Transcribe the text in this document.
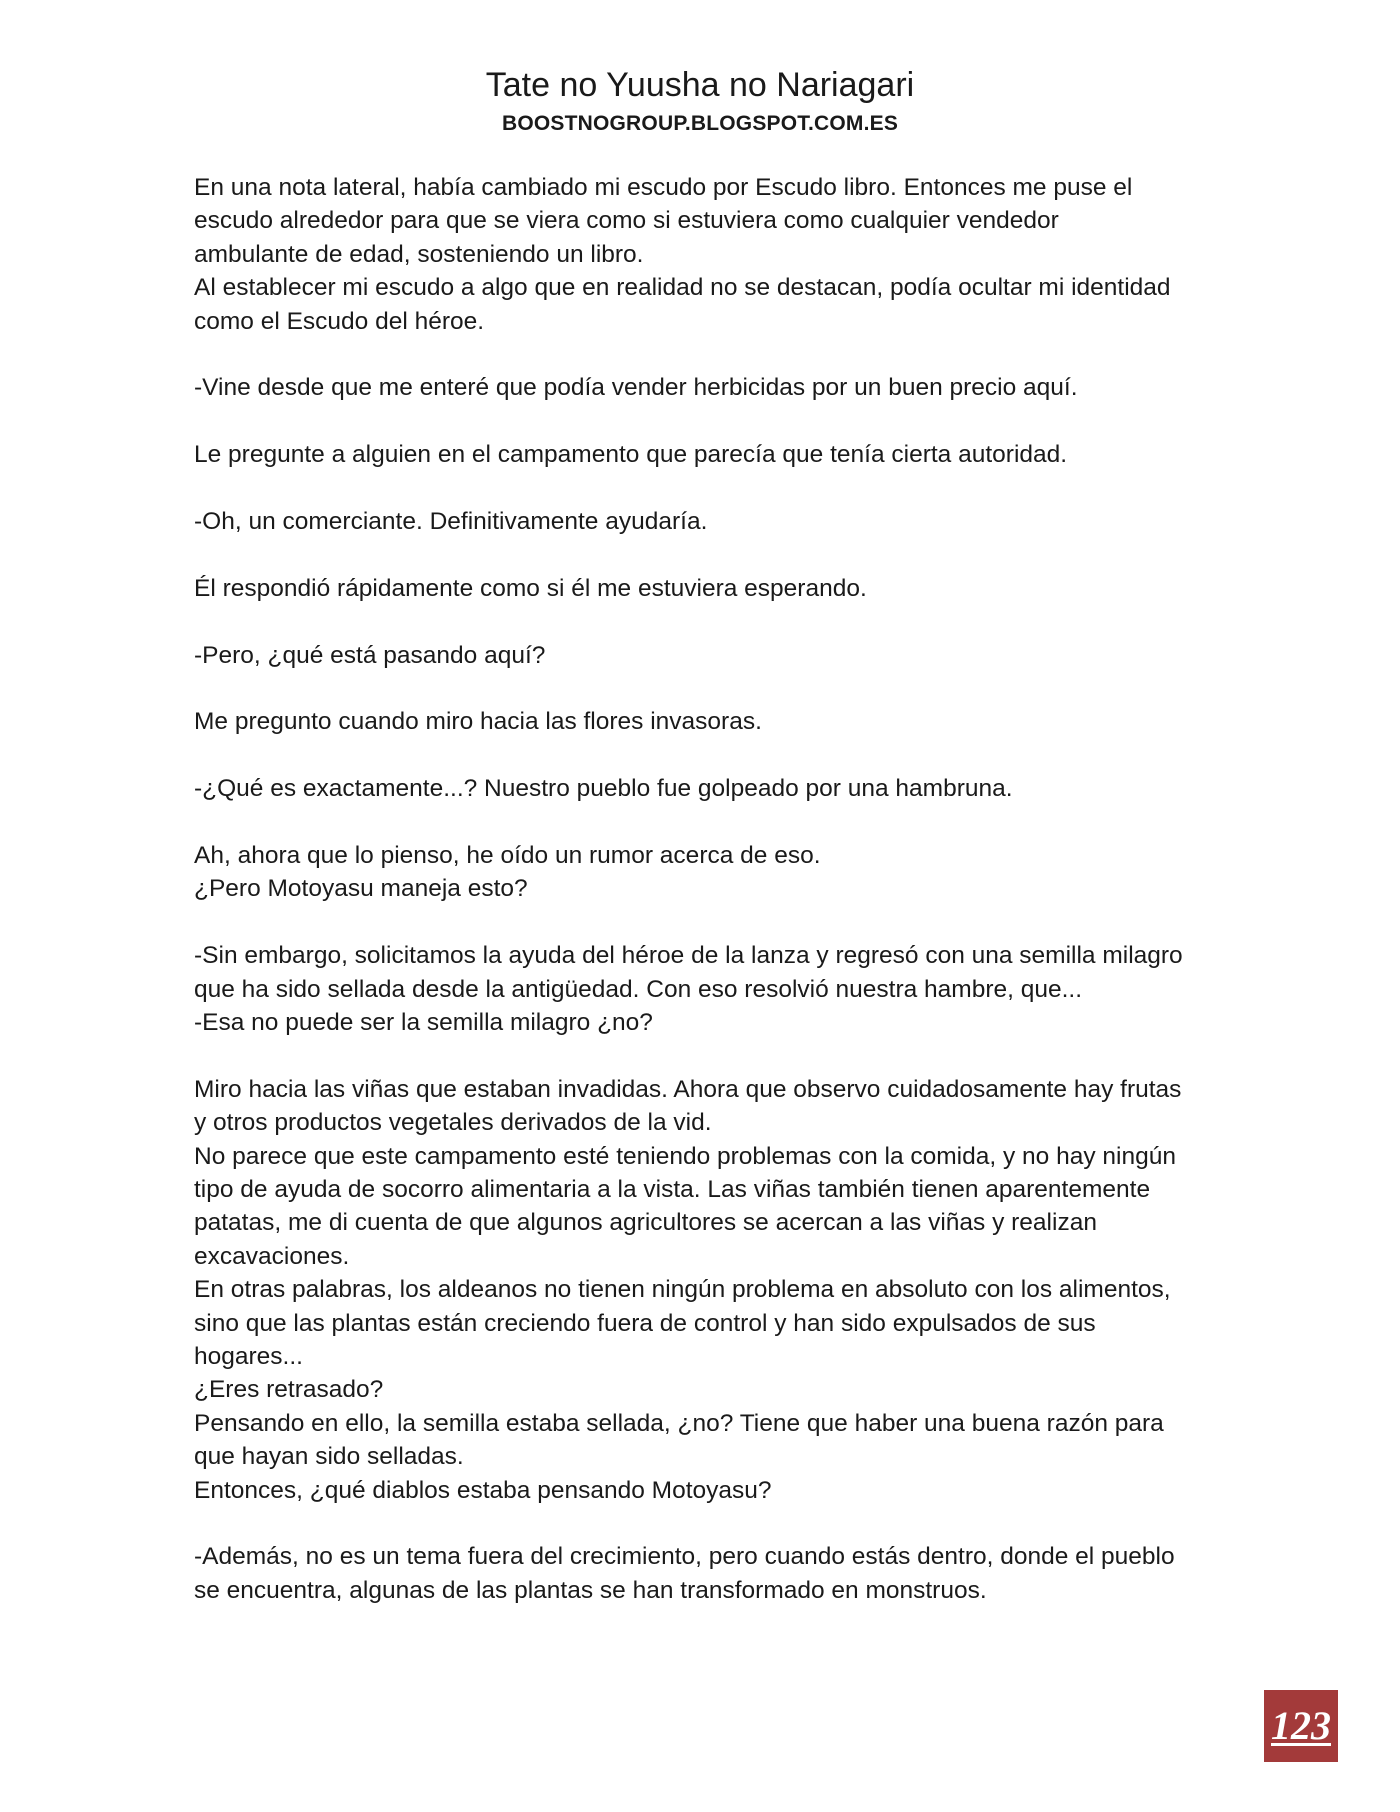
Tate no Yuusha no Nariagari
BOOSTNOGROUP.BLOGSPOT.COM.ES
En una nota lateral, había cambiado mi escudo por Escudo libro. Entonces me puse el
escudo alrededor para que se viera como si estuviera como cualquier vendedor
ambulante de edad, sosteniendo un libro.
Al establecer mi escudo a algo que en realidad no se destacan, podía ocultar mi identidad
como el Escudo del héroe.
-Vine desde que me enteré que podía vender herbicidas por un buen precio aquí.
Le pregunte a alguien en el campamento que parecía que tenía cierta autoridad.
-Oh, un comerciante. Definitivamente ayudaría.
Él respondió rápidamente como si él me estuviera esperando.
-Pero, ¿qué está pasando aquí?
Me pregunto cuando miro hacia las flores invasoras.
-¿Qué es exactamente...? Nuestro pueblo fue golpeado por una hambruna.
Ah, ahora que lo pienso, he oído un rumor acerca de eso.
¿Pero Motoyasu maneja esto?
-Sin embargo, solicitamos la ayuda del héroe de la lanza y regresó con una semilla milagro
que ha sido sellada desde la antigüedad. Con eso resolvió nuestra hambre, que...
-Esa no puede ser la semilla milagro ¿no?
Miro hacia las viñas que estaban invadidas. Ahora que observo cuidadosamente hay frutas
y otros productos vegetales derivados de la vid.
No parece que este campamento esté teniendo problemas con la comida, y no hay ningún
tipo de ayuda de socorro alimentaria a la vista. Las viñas también tienen aparentemente
patatas, me di cuenta de que algunos agricultores se acercan a las viñas y realizan
excavaciones.
En otras palabras, los aldeanos no tienen ningún problema en absoluto con los alimentos,
sino que las plantas están creciendo fuera de control y han sido expulsados de sus
hogares...
¿Eres retrasado?
Pensando en ello, la semilla estaba sellada, ¿no? Tiene que haber una buena razón para
que hayan sido selladas.
Entonces, ¿qué diablos estaba pensando Motoyasu?
-Además, no es un tema fuera del crecimiento, pero cuando estás dentro, donde el pueblo
se encuentra, algunas de las plantas se han transformado en monstruos.
123
